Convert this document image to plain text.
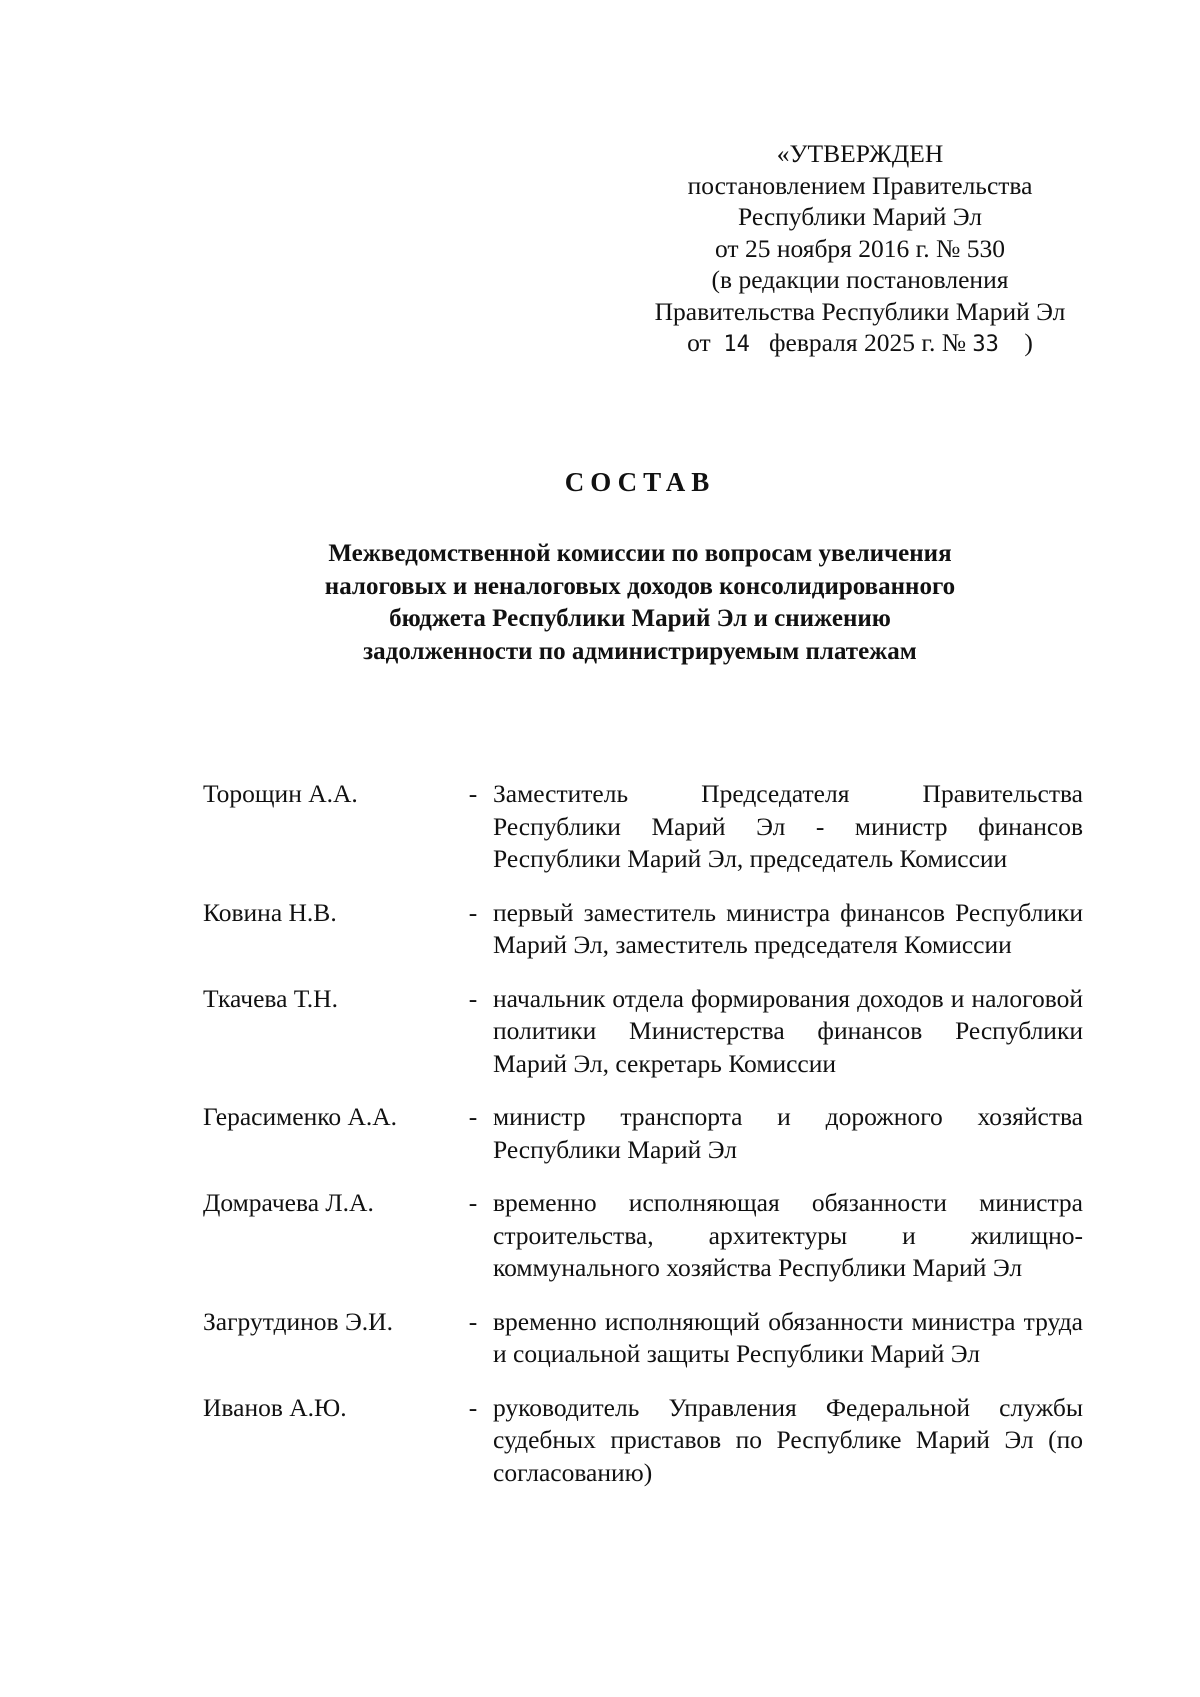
«УТВЕРЖДЕН
постановлением Правительства
Республики Марий Эл
от 25 ноября 2016 г. № 530
(в редакции постановления
Правительства Республики Марий Эл
от 14 февраля 2025 г. № 33 )
СОСТАВ
Межведомственной комиссии по вопросам увеличения
налоговых и неналоговых доходов консолидированного
бюджета Республики Марий Эл и снижению
задолженности по администрируемым платежам
Торощин А.А.	- Заместитель Председателя Правительства Республики Марий Эл - министр финансов Республики Марий Эл, председатель Комиссии
Ковина Н.В.	- первый заместитель министра финансов Республики Марий Эл, заместитель председателя Комиссии
Ткачева Т.Н.	- начальник отдела формирования доходов и налоговой политики Министерства финансов Республики Марий Эл, секретарь Комиссии
Герасименко А.А.	- министр транспорта и дорожного хозяйства Республики Марий Эл
Домрачева Л.А.	- временно исполняющая обязанности министра строительства, архитектуры и жилищно-коммунального хозяйства Республики Марий Эл
Загрутдинов Э.И.	- временно исполняющий обязанности министра труда и социальной защиты Республики Марий Эл
Иванов А.Ю.	- руководитель Управления Федеральной службы судебных приставов по Республике Марий Эл (по согласованию)
